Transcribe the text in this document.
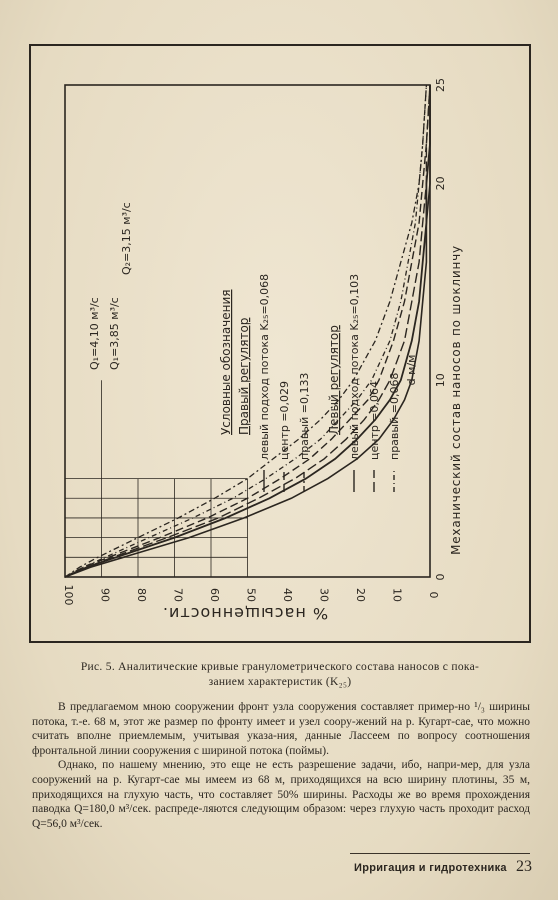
100 90 80 70 60 50 40 30 20 10 0
% насыщенности.
0
10
20
25
d м/м	Механический состав наносов по шоклинчу
Q₁=4,10 м³/с Q₁=3,85 м³/с
Q₂=3,15 м³/с
Условные обозначения Правый регулятор левый подход потока K₂₅=0,068 центр =0,029 правый =0,133 Левый регулятор левый подход потока K₂₅=0,103 центр =0,064 правый =0,068
Рис. 5. Аналитические кривые гранулометрического состава наносов с пока-
занием характеристик (K₂₅)

В предлагаемом мною сооружении фронт узла сооружения составляет пример-но ¹/₃ ширины потока, т.-е. 68 м, этот же размер по фронту имеет и узел соору-жений на р. Кугарт-сае, что можно считать вполне приемлемым, учитывая указа-ния, данные Лассеем по вопросу соотношения фронтальной линии сооружения с шириной потока (поймы).

Однако, по нашему мнению, это еще не есть разрешение задачи, ибо, напри-мер, для узла сооружений на р. Кугарт-сае мы имеем из 68 м, приходящихся на всю ширину плотины, 35 м, приходящихся на глухую часть, что составляет 50% ширины. Расходы же во время прохождения паводка Q=180,0 м³/сек. распреде-ляются следующим образом: через глухую часть проходит расход Q=56,0 м³/сек.

Ирригация и гидротехника 23
